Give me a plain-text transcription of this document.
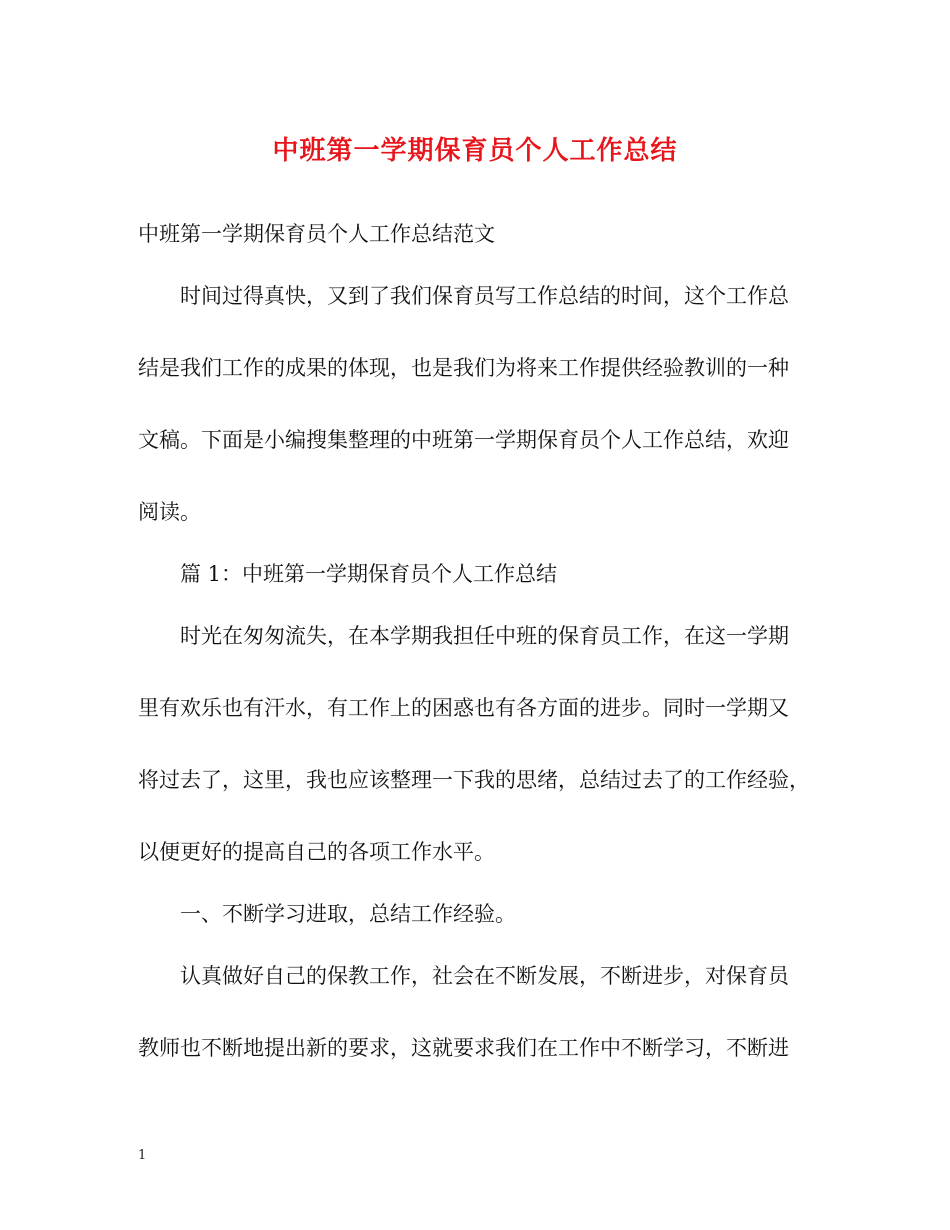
中班第一学期保育员个人工作总结
中班第一学期保育员个人工作总结范文
时间过得真快，又到了我们保育员写工作总结的时间，这个工作总
结是我们工作的成果的体现，也是我们为将来工作提供经验教训的一种
文稿。下面是小编搜集整理的中班第一学期保育员个人工作总结，欢迎
阅读。
篇 1：中班第一学期保育员个人工作总结
时光在匆匆流失，在本学期我担任中班的保育员工作，在这一学期
里有欢乐也有汗水，有工作上的困惑也有各方面的进步。同时一学期又
将过去了，这里，我也应该整理一下我的思绪，总结过去了的工作经验，
以便更好的提高自己的各项工作水平。
一、不断学习进取，总结工作经验。
认真做好自己的保教工作，社会在不断发展，不断进步，对保育员
教师也不断地提出新的要求，这就要求我们在工作中不断学习，不断进
1
